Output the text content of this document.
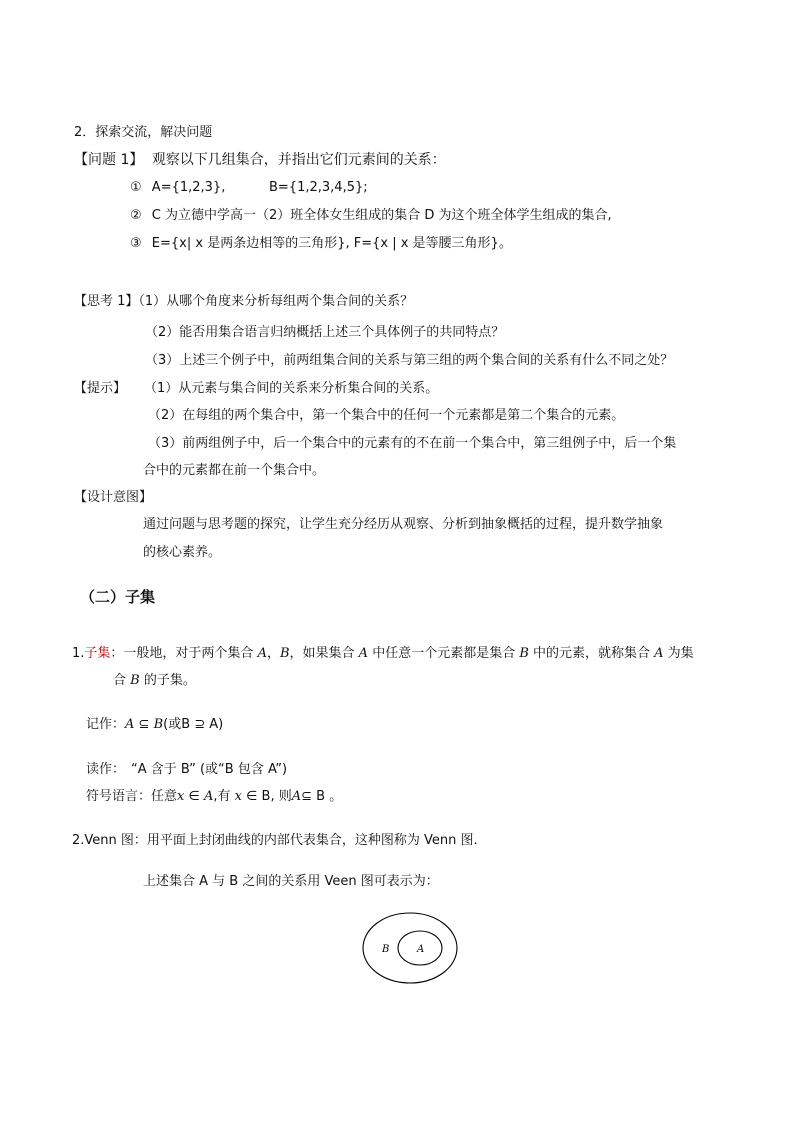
2．探索交流，解决问题
【问题 1】 观察以下几组集合，并指出它们元素间的关系：
① A={1,2,3},	B={1,2,3,4,5};
② C 为立德中学高一（2）班全体女生组成的集合 D 为这个班全体学生组成的集合,
③ E={x| x 是两条边相等的三角形}, F={x | x 是等腰三角形}。
【思考 1】（1）从哪个角度来分析每组两个集合间的关系？
（2）能否用集合语言归纳概括上述三个具体例子的共同特点？
（3）上述三个例子中，前两组集合间的关系与第三组的两个集合间的关系有什么不同之处？
【提示】 （1）从元素与集合间的关系来分析集合间的关系。
（2）在每组的两个集合中，第一个集合中的任何一个元素都是第二个集合的元素。
（3）前两组例子中，后一个集合中的元素有的不在前一个集合中，第三组例子中，后一个集
合中的元素都在前一个集合中。
【设计意图】
通过问题与思考题的探究，让学生充分经历从观察、分析到抽象概括的过程，提升数学抽象
的核心素养。
（二）子集
1.子集：一般地，对于两个集合 A，B，如果集合 A 中任意一个元素都是集合 B 中的元素，就称集合 A 为集
合 B 的子集。
记作：A ⊆ B(或B ⊇ A)
读作： “A 含于 B” (或“B 包含 A”)
符号语言：任意x ∈ A,有 x ∈ B, 则A⊆ B 。
2.Venn 图：用平面上封闭曲线的内部代表集合，这种图称为 Venn 图.
上述集合 A 与 B 之间的关系用 Veen 图可表示为：
B	A
